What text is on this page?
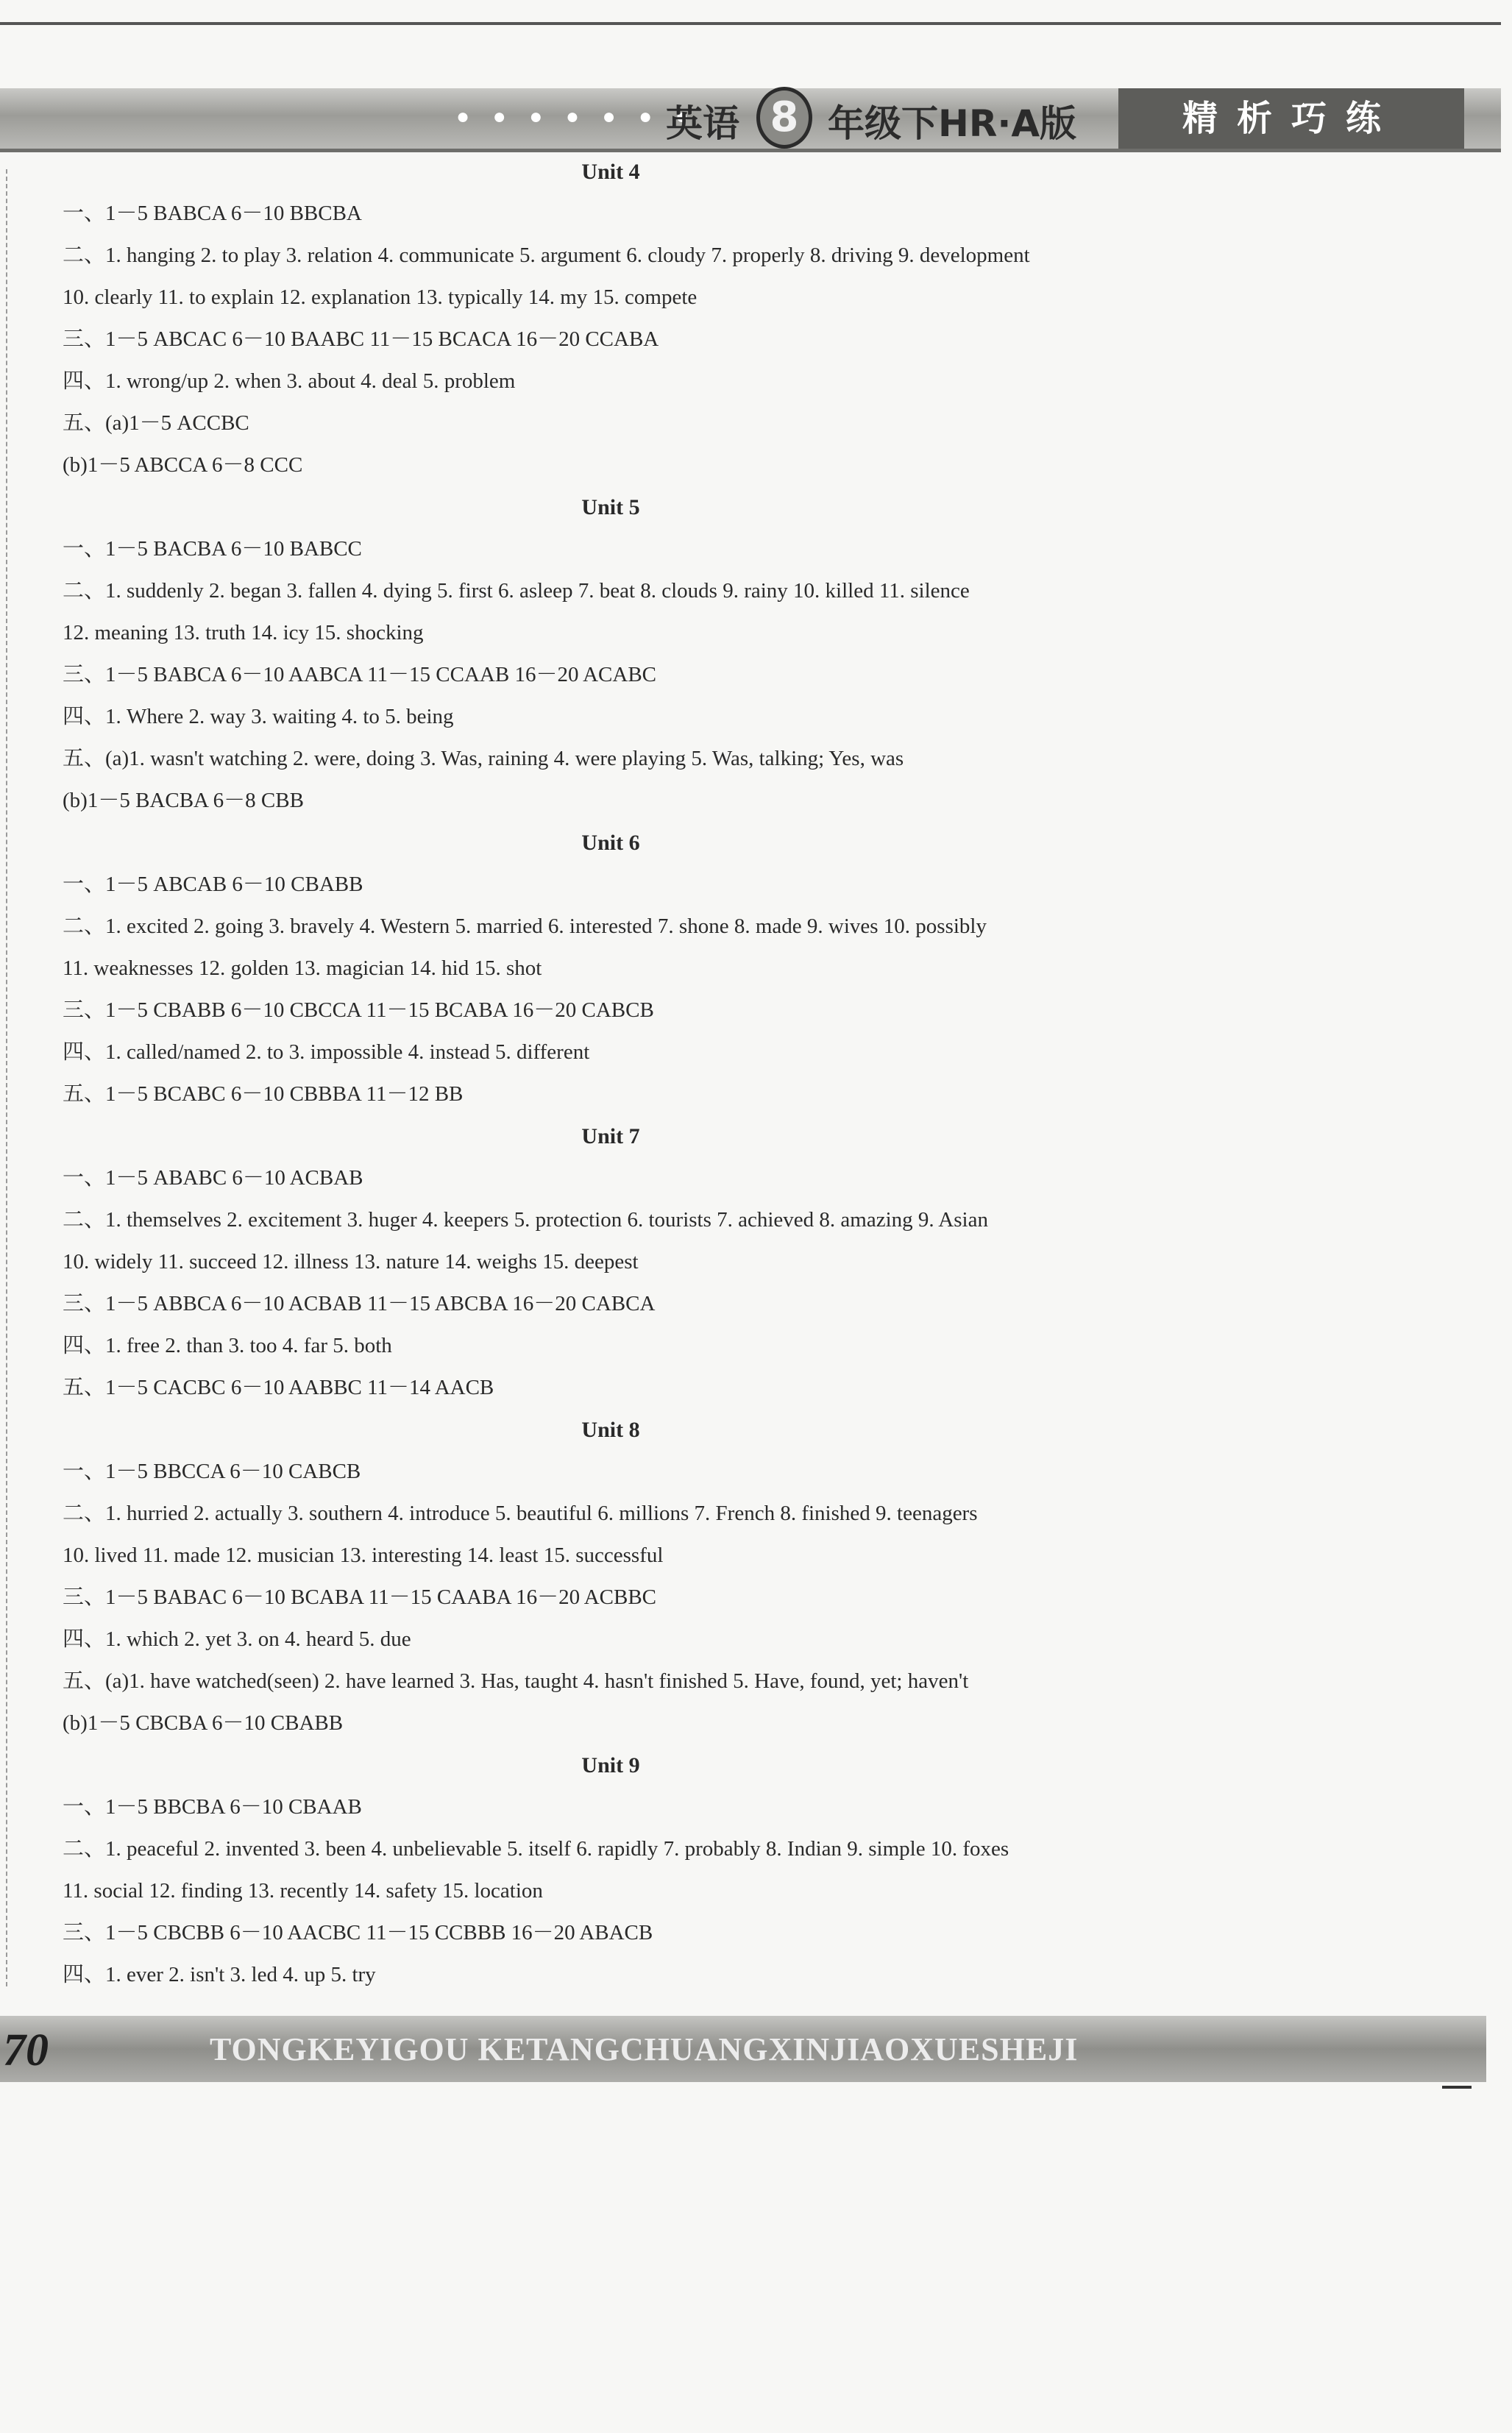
● ● ● ● ● ● ●
英语 8 年级下HR·A版	精析巧练
Unit 4
一、1－5 BABCA 6－10 BBCBA
二、1. hanging 2. to play 3. relation 4. communicate 5. argument 6. cloudy 7. properly 8. driving 9. development
10. clearly 11. to explain 12. explanation 13. typically 14. my 15. compete
三、1－5 ABCAC 6－10 BAABC 11－15 BCACA 16－20 CCABA
四、1. wrong/up 2. when 3. about 4. deal 5. problem
五、(a)1－5 ACCBC
(b)1－5 ABCCA 6－8 CCC
Unit 5
一、1－5 BACBA 6－10 BABCC
二、1. suddenly 2. began 3. fallen 4. dying 5. first 6. asleep 7. beat 8. clouds 9. rainy 10. killed 11. silence
12. meaning 13. truth 14. icy 15. shocking
三、1－5 BABCA 6－10 AABCA 11－15 CCAAB 16－20 ACABC
四、1. Where 2. way 3. waiting 4. to 5. being
五、(a)1. wasn't watching 2. were, doing 3. Was, raining 4. were playing 5. Was, talking; Yes, was
(b)1－5 BACBA 6－8 CBB
Unit 6
一、1－5 ABCAB 6－10 CBABB
二、1. excited 2. going 3. bravely 4. Western 5. married 6. interested 7. shone 8. made 9. wives 10. possibly
11. weaknesses 12. golden 13. magician 14. hid 15. shot
三、1－5 CBABB 6－10 CBCCA 11－15 BCABA 16－20 CABCB
四、1. called/named 2. to 3. impossible 4. instead 5. different
五、1－5 BCABC 6－10 CBBBA 11－12 BB
Unit 7
一、1－5 ABABC 6－10 ACBAB
二、1. themselves 2. excitement 3. huger 4. keepers 5. protection 6. tourists 7. achieved 8. amazing 9. Asian
10. widely 11. succeed 12. illness 13. nature 14. weighs 15. deepest
三、1－5 ABBCA 6－10 ACBAB 11－15 ABCBA 16－20 CABCA
四、1. free 2. than 3. too 4. far 5. both
五、1－5 CACBC 6－10 AABBC 11－14 AACB
Unit 8
一、1－5 BBCCA 6－10 CABCB
二、1. hurried 2. actually 3. southern 4. introduce 5. beautiful 6. millions 7. French 8. finished 9. teenagers
10. lived 11. made 12. musician 13. interesting 14. least 15. successful
三、1－5 BABAC 6－10 BCABA 11－15 CAABA 16－20 ACBBC
四、1. which 2. yet 3. on 4. heard 5. due
五、(a)1. have watched(seen) 2. have learned 3. Has, taught 4. hasn't finished 5. Have, found, yet; haven't
(b)1－5 CBCBA 6－10 CBABB
Unit 9
一、1－5 BBCBA 6－10 CBAAB
二、1. peaceful 2. invented 3. been 4. unbelievable 5. itself 6. rapidly 7. probably 8. Indian 9. simple 10. foxes
11. social 12. finding 13. recently 14. safety 15. location
三、1－5 CBCBB 6－10 AACBC 11－15 CCBBB 16－20 ABACB
四、1. ever 2. isn't 3. led 4. up 5. try
70	TONGKEYIGOU KETANGCHUANGXINJIAOXUESHEJI
